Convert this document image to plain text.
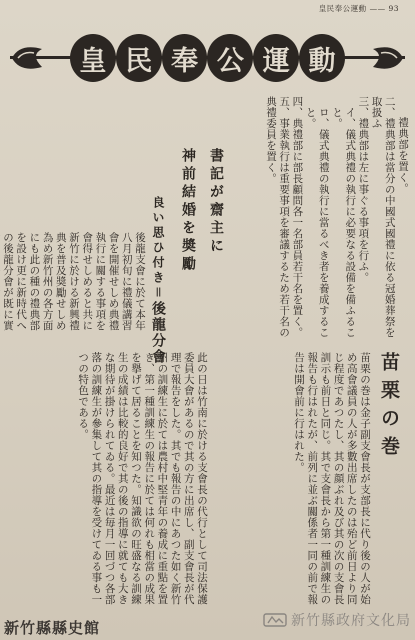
皇民奉公運動 —— 93
皇 民 奉 公 運 動

禮典部を置く。

二、禮典部は當分の中國式國禮に依る冠婚葬祭を取扱ふ

三、禮典部は左に事ぐる事項を行ふ。

イ、儀式典禮の執行に必要なる設備を備ふること。

ロ、儀式典禮の執行に當るべき者を養成すること。

四、典禮部に部長顧問各一名部員若干名を置く。

五、事業執行は重要事項を審議するため若干名の典禮委員を置く。

書記が齋主に
神前結婚を奬勵
良い思ひ付き＝後龍分會
後龍支會に於て本年八月初旬に禮儀講習會を開催せしめ典禮執行に關する事項を會得せしめると共に新竹に於ける新興禮典を普及奬勵せしめ為め新竹州の各方面にも此の種の禮典部を設け更に新時代への後龍分會が既に實
苗栗の巻
苗栗の巻は金子副支會長が支部長に代り後の人が始め高會議員の人が多數出席したのは殆ど前日より同じ程度であつたし、其の顔ぶれ及び其の次の支會長訓示も前日と同じ。其で支會長から第一種訓練生の報告も行はれたが、前列に並ぶ關係者一同の前で報告は開會前に行はれた。
此の日は竹南に於ける支會長の代行として司法保護委員大會があるので其の方に出席し、副支會長が代理で報告をした。其でも報告の中にあつた如く新竹州の訓練生に於ては農村中堅青年の養成に重點を置き、第一種訓練生の報告に於ては何れも相當の成果を擧げて居ることを知つた。知識欲の旺盛なる訓練生の成績は比較的良好で其の後の指導に就ても大きな期待が掛けられてゐる。最近は毎月一回づつ各部落の訓練生が參集して其の指導を受けてゐる事も一つの特色である。
新竹縣縣史館	新竹縣政府文化局
